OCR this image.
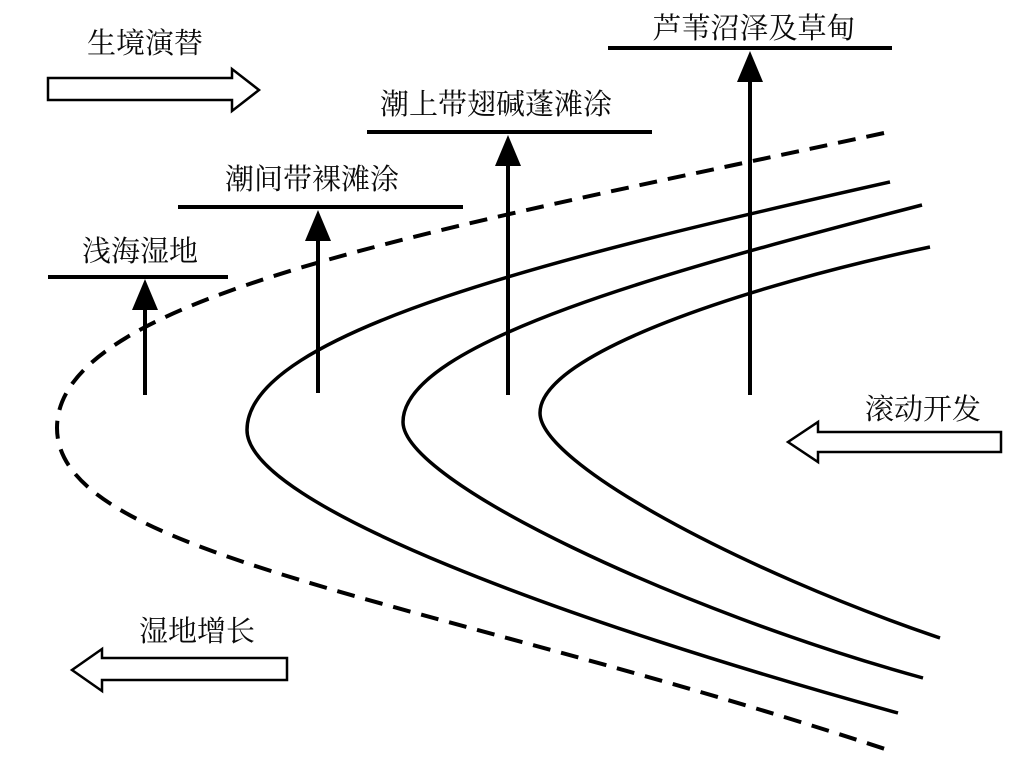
生境演替	芦苇沼泽及草甸
潮上带翅碱蓬滩涂
潮间带裸滩涂
浅海湿地
滚动开发
湿地增长
